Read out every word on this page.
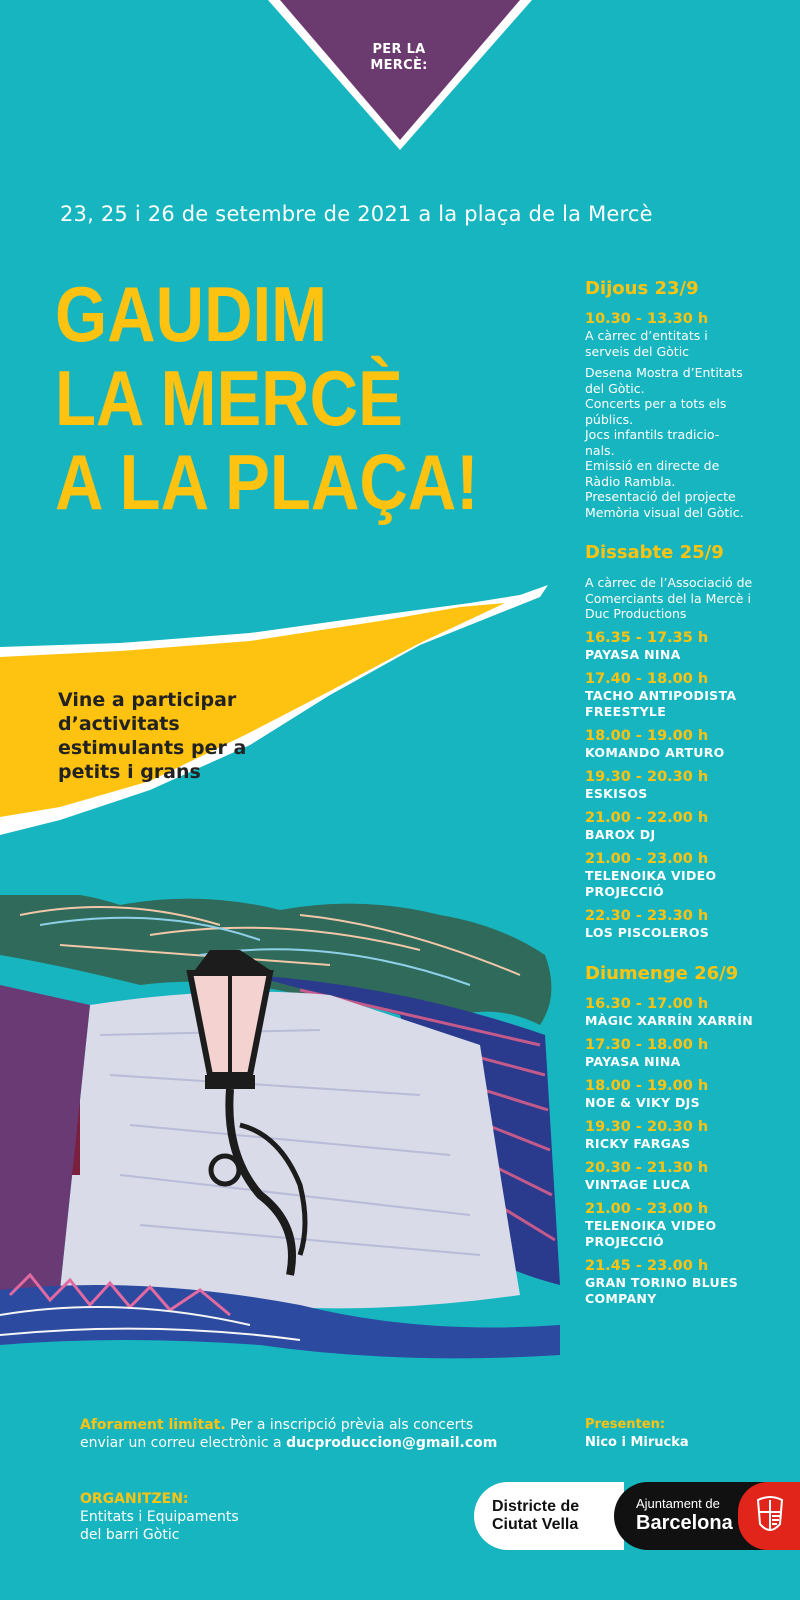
PER LA
MERCÈ:
23, 25 i 26 de setembre de 2021 a la plaça de la Mercè
GAUDIM
LA MERCÈ
A LA PLAÇA!
Vine a participar
d’activitats
estimulants per a
petits i grans
Dijous 23/9
10.30 - 13.30 h
A càrrec d’entitats i
serveis del Gòtic
Desena Mostra d’Entitats
del Gòtic.
Concerts per a tots els
públics.
Jocs infantils tradicio-
nals.
Emissió en directe de
Ràdio Rambla.
Presentació del projecte
Memòria visual del Gòtic.
Dissabte 25/9
A càrrec de l’Associació de
Comerciants del la Mercè i
Duc Productions
16.35 - 17.35 h
PAYASA NINA
17.40 - 18.00 h
TACHO ANTIPODISTA
FREESTYLE
18.00 - 19.00 h
KOMANDO ARTURO
19.30 - 20.30 h
ESKISOS
21.00 - 22.00 h
BAROX DJ
21.00 - 23.00 h
TELENOIKA VIDEO
PROJECCIÓ
22.30 - 23.30 h
LOS PISCOLEROS
Diumenge 26/9
16.30 - 17.00 h
MÀGIC XARRÍN XARRÍN
17.30 - 18.00 h
PAYASA NINA
18.00 - 19.00 h
NOE & VIKY DJS
19.30 - 20.30 h
RICKY FARGAS
20.30 - 21.30 h
VINTAGE LUCA
21.00 - 23.00 h
TELENOIKA VIDEO
PROJECCIÓ
21.45 - 23.00 h
GRAN TORINO BLUES
COMPANY
Aforament limitat. Per a inscripció prèvia als concerts
enviar un correu electrònic a ducproduccion@gmail.com
Presenten:
Nico i Mirucka
ORGANITZEN:
Entitats i Equipaments
del barri Gòtic
Districte de
Ciutat Vella
Ajuntament de
Barcelona
